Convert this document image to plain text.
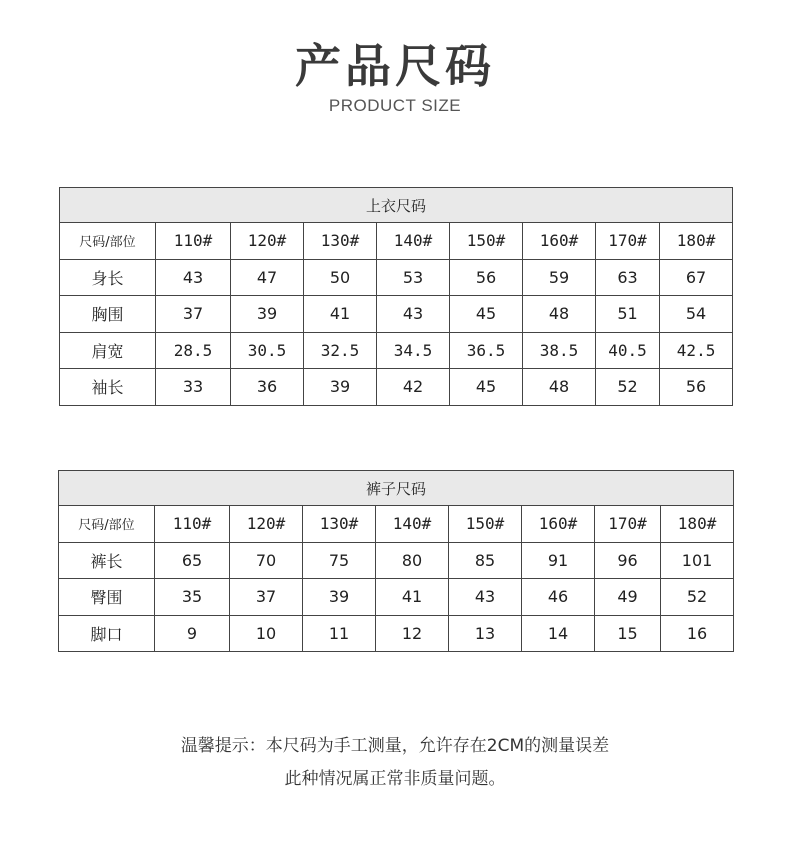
产品尺码
PRODUCT SIZE
上衣尺码								
尺码/部位	110#	120#	130#	140#	150#	160#	170#	180#
身长	43	47	50	53	56	59	63	67
胸围	37	39	41	43	45	48	51	54
肩宽	28.5	30.5	32.5	34.5	36.5	38.5	40.5	42.5
袖长	33	36	39	42	45	48	52	56
裤子尺码								
尺码/部位	110#	120#	130#	140#	150#	160#	170#	180#
裤长	65	70	75	80	85	91	96	101
臀围	35	37	39	41	43	46	49	52
脚口	9	10	11	12	13	14	15	16
温馨提示：本尺码为手工测量，允许存在2CM的测量误差
此种情况属正常非质量问题。
